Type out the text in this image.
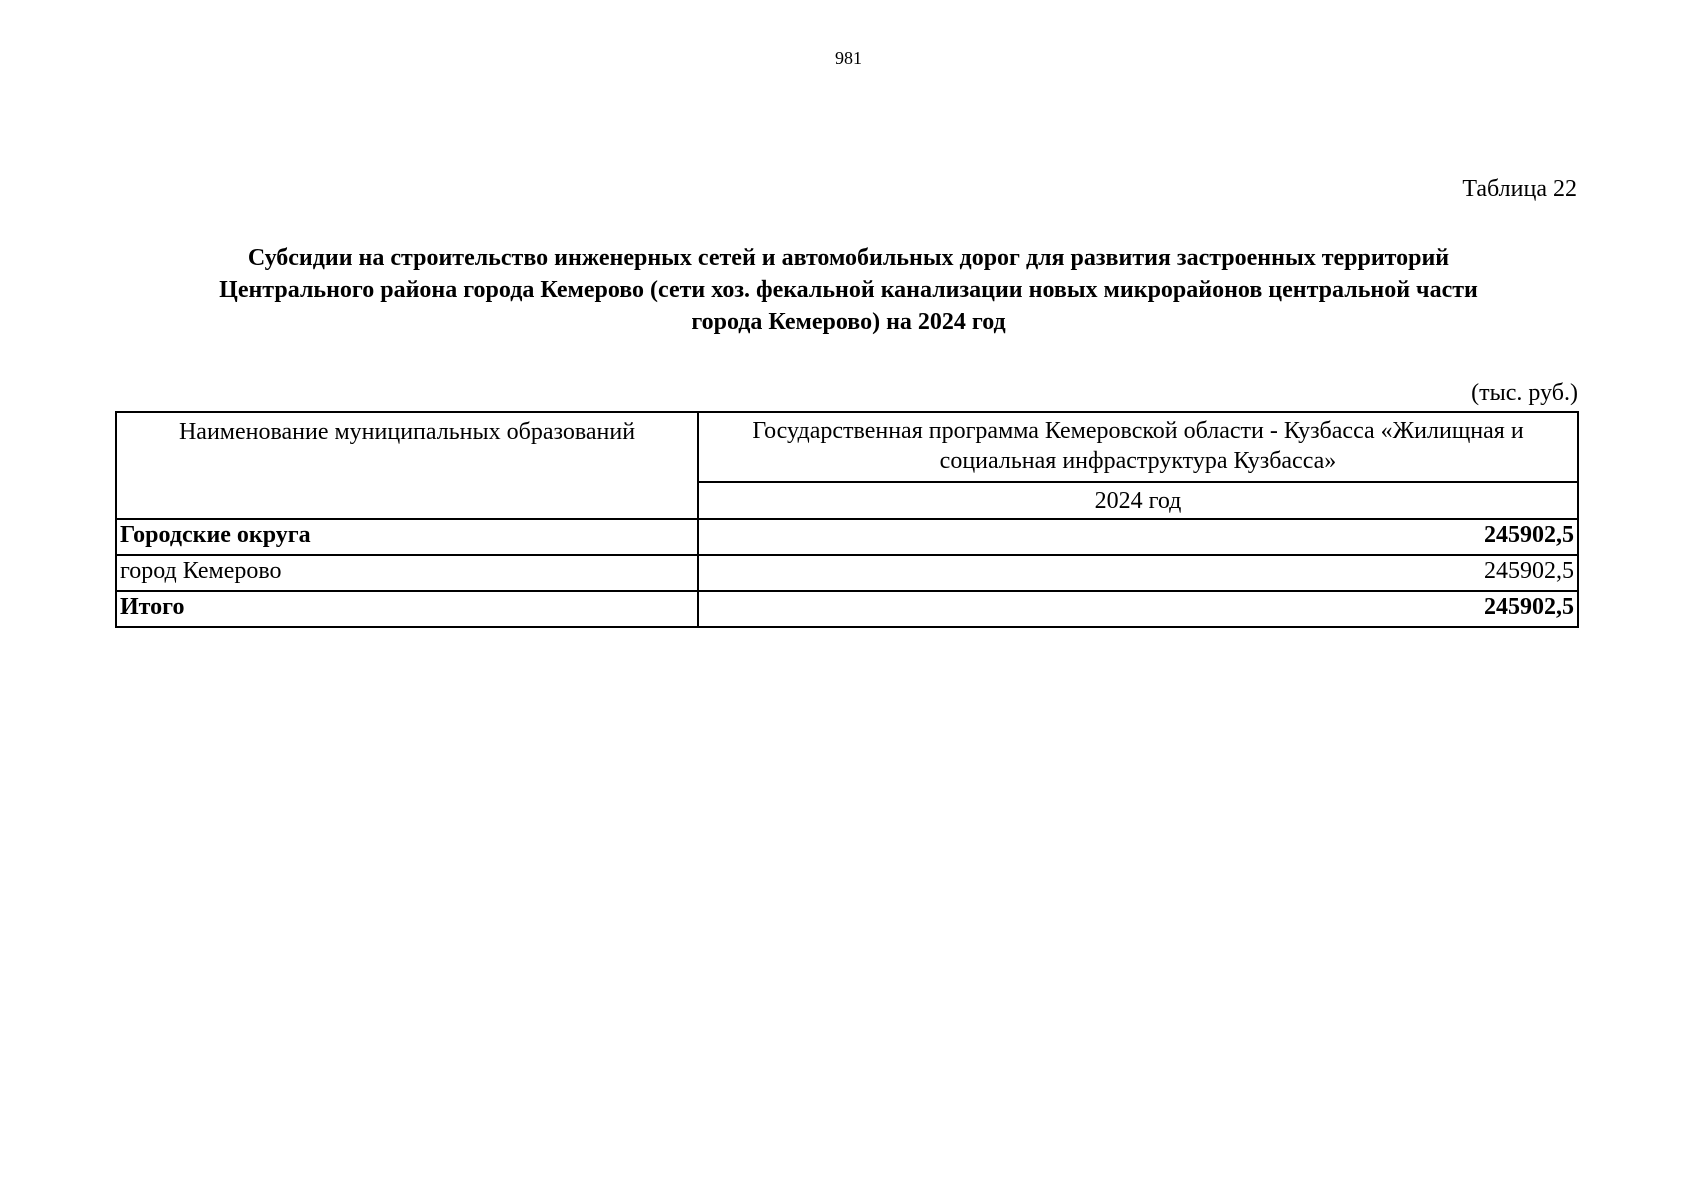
981
Таблица 22
Субсидии на строительство инженерных сетей и автомобильных дорог для развития застроенных территорий
Центрального района города Кемерово (сети хоз. фекальной канализации новых микрорайонов центральной части
города Кемерово) на 2024 год
(тыс. руб.)
Наименование муниципальных образований	Государственная программа Кемеровской области - Кузбасса «Жилищная и социальная инфраструктура Кузбасса»
	2024 год
Городские округа	245902,5
город Кемерово	245902,5
Итого	245902,5
